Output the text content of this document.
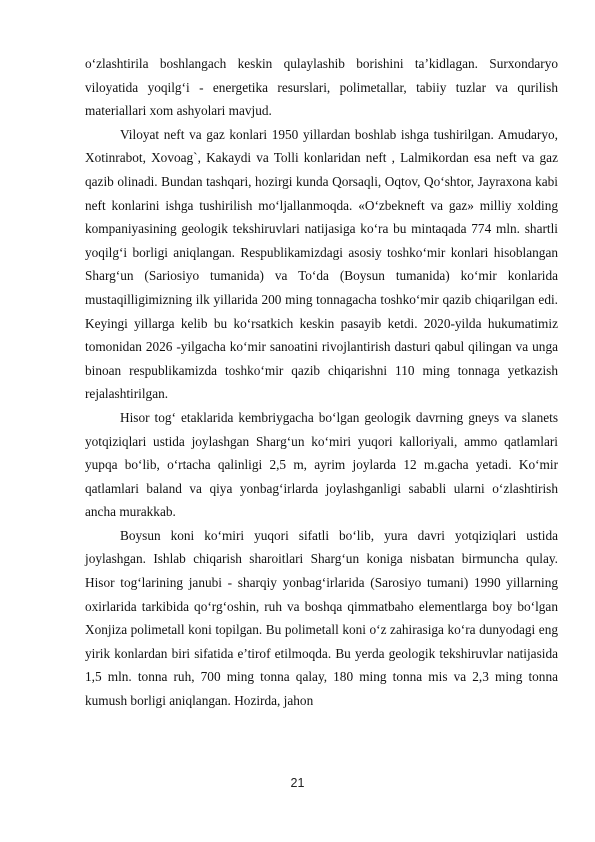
o‘zlashtirila boshlangach keskin qulaylashib borishini ta’kidlagan. Surxondaryo viloyatida yoqilg‘i - energetika resurslari, polimetallar, tabiiy tuzlar va qurilish materiallari xom ashyolari mavjud.

Viloyat neft va gaz konlari 1950 yillardan boshlab ishga tushirilgan. Amudaryo, Xotinrabot, Xovoag`, Kakaydi va Tolli konlaridan neft , Lalmikordan esa neft va gaz qazib olinadi. Bundan tashqari, hozirgi kunda Qorsaqli, Oqtov, Qo‘shtor, Jayraxona kabi neft konlarini ishga tushirilish mo‘ljallanmoqda. «O‘zbekneft va gaz» milliy xolding kompaniyasining geologik tekshiruvlari natijasiga ko‘ra bu mintaqada 774 mln. shartli yoqilg‘i borligi aniqlangan. Respublikamizdagi asosiy toshko‘mir konlari hisoblangan Sharg‘un (Sariosiyo tumanida) va To‘da (Boysun tumanida) ko‘mir konlarida mustaqilligimizning ilk yillarida 200 ming tonnagacha toshko‘mir qazib chiqarilgan edi. Keyingi yillarga kelib bu ko‘rsatkich keskin pasayib ketdi. 2020-yilda hukumatimiz tomonidan 2026 -yilgacha ko‘mir sanoatini rivojlantirish dasturi qabul qilingan va unga binoan respublikamizda toshko‘mir qazib chiqarishni 110 ming tonnaga yetkazish rejalashtirilgan.

Hisor tog‘ etaklarida kembriygacha bo‘lgan geologik davrning gneys va slanets yotqiziqlari ustida joylashgan Sharg‘un ko‘miri yuqori kalloriyali, ammo qatlamlari yupqa bo‘lib, o‘rtacha qalinligi 2,5 m, ayrim joylarda 12 m.gacha yetadi. Ko‘mir qatlamlari baland va qiya yonbag‘irlarda joylashganligi sababli ularni o‘zlashtirish ancha murakkab.

Boysun koni ko‘miri yuqori sifatli bo‘lib, yura davri yotqiziqlari ustida joylashgan. Ishlab chiqarish sharoitlari Sharg‘un koniga nisbatan birmuncha qulay. Hisor tog‘larining janubi - sharqiy yonbag‘irlarida (Sarosiyo tumani) 1990 yillarning oxirlarida tarkibida qo‘rg‘oshin, ruh va boshqa qimmatbaho elementlarga boy bo‘lgan Xonjiza polimetall koni topilgan. Bu polimetall koni o‘z zahirasiga ko‘ra dunyodagi eng yirik konlardan biri sifatida e’tirof etilmoqda. Bu yerda geologik tekshiruvlar natijasida 1,5 mln. tonna ruh, 700 ming tonna qalay, 180 ming tonna mis va 2,3 ming tonna kumush borligi aniqlangan. Hozirda, jahon

21
